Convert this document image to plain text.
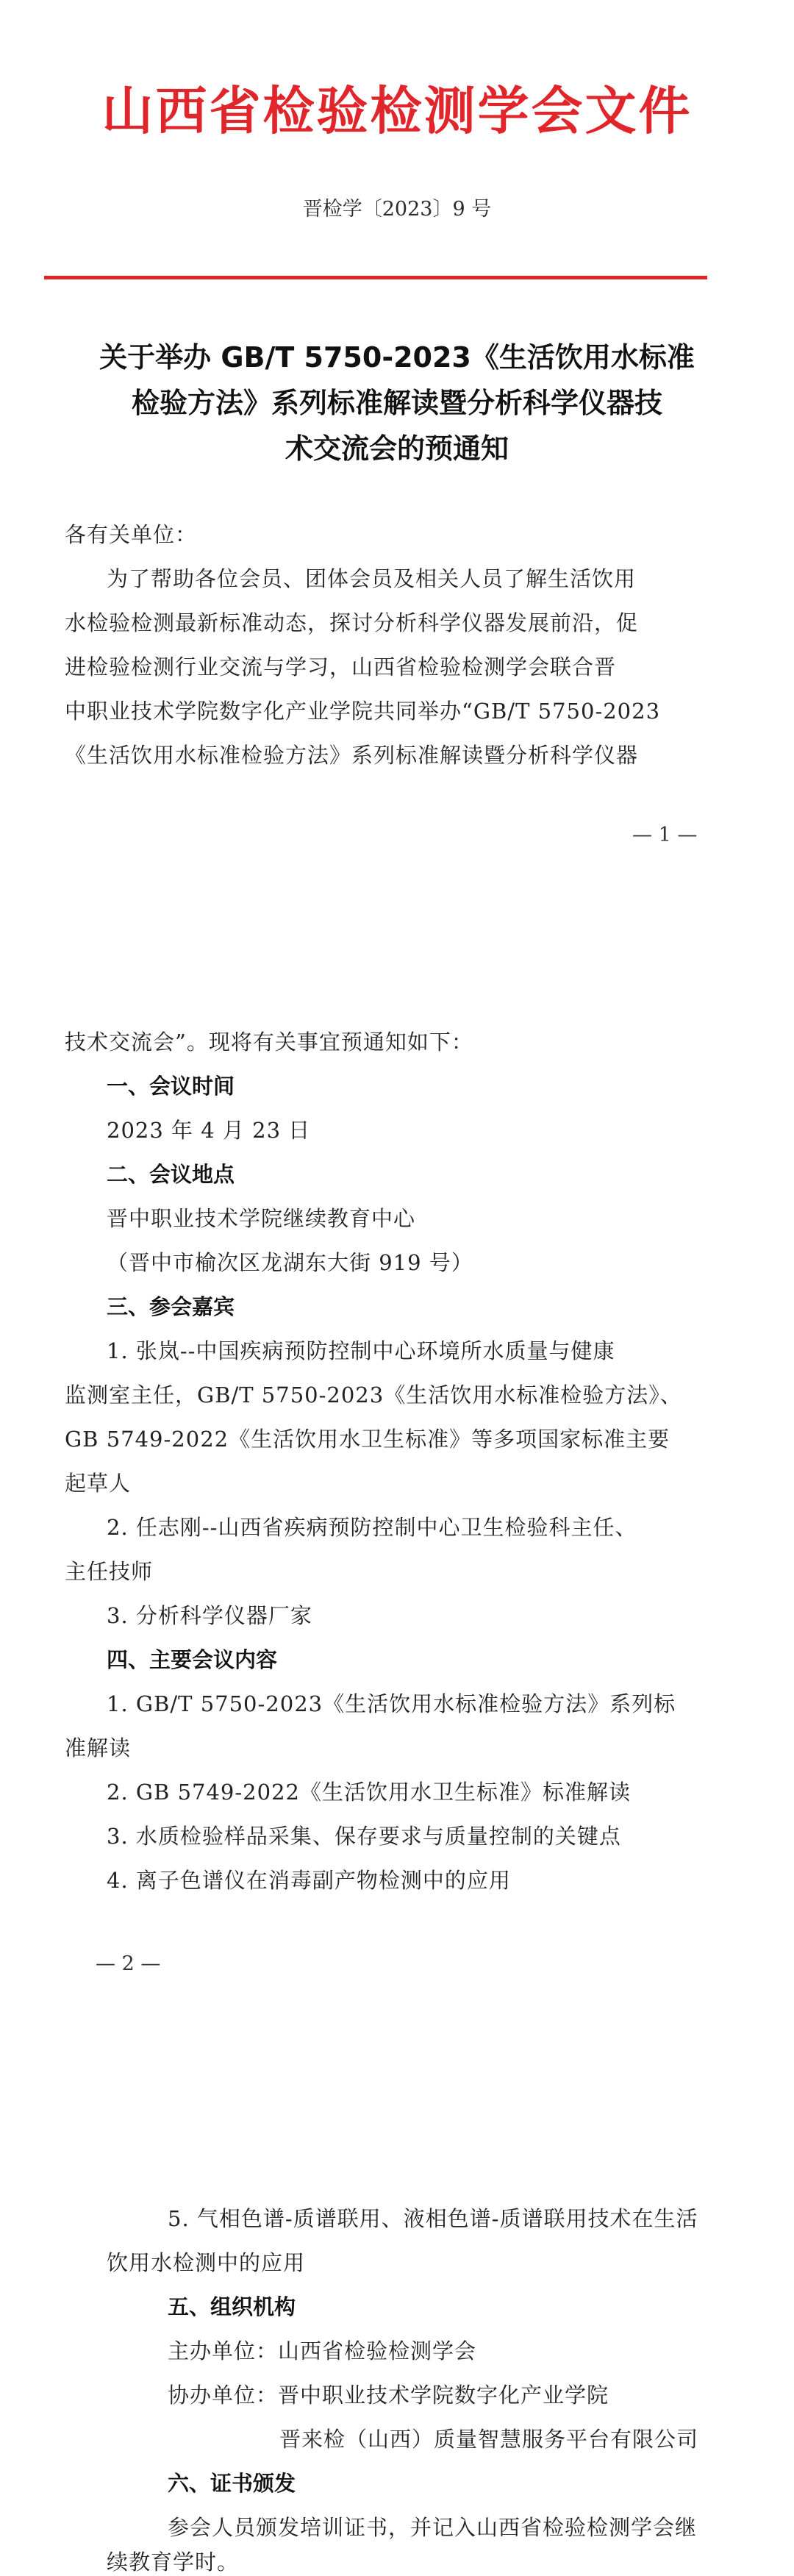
山西省检验检测学会文件
晋检学〔2023〕9 号
关于举办 GB/T 5750-2023《生活饮用水标准
检验方法》系列标准解读暨分析科学仪器技
术交流会的预通知
各有关单位：
为了帮助各位会员、团体会员及相关人员了解生活饮用
水检验检测最新标准动态，探讨分析科学仪器发展前沿，促
进检验检测行业交流与学习，山西省检验检测学会联合晋
中职业技术学院数字化产业学院共同举办“GB/T 5750-2023
《生活饮用水标准检验方法》系列标准解读暨分析科学仪器
— 1 —
技术交流会”。现将有关事宜预通知如下：
一、会议时间
2023 年 4 月 23 日
二、会议地点
晋中职业技术学院继续教育中心
（晋中市榆次区龙湖东大街 919 号）
三、参会嘉宾
1. 张岚--中国疾病预防控制中心环境所水质量与健康
监测室主任，GB/T 5750-2023《生活饮用水标准检验方法》、
GB 5749-2022《生活饮用水卫生标准》等多项国家标准主要
起草人
2. 任志刚--山西省疾病预防控制中心卫生检验科主任、
主任技师
3. 分析科学仪器厂家
四、主要会议内容
1. GB/T 5750-2023《生活饮用水标准检验方法》系列标
准解读
2. GB 5749-2022《生活饮用水卫生标准》标准解读
3. 水质检验样品采集、保存要求与质量控制的关键点
4. 离子色谱仪在消毒副产物检测中的应用
— 2 —
5. 气相色谱-质谱联用、液相色谱-质谱联用技术在生活
饮用水检测中的应用
五、组织机构
主办单位：山西省检验检测学会
协办单位：晋中职业技术学院数字化产业学院
晋来检（山西）质量智慧服务平台有限公司
六、证书颁发
参会人员颁发培训证书，并记入山西省检验检测学会继
续教育学时。
